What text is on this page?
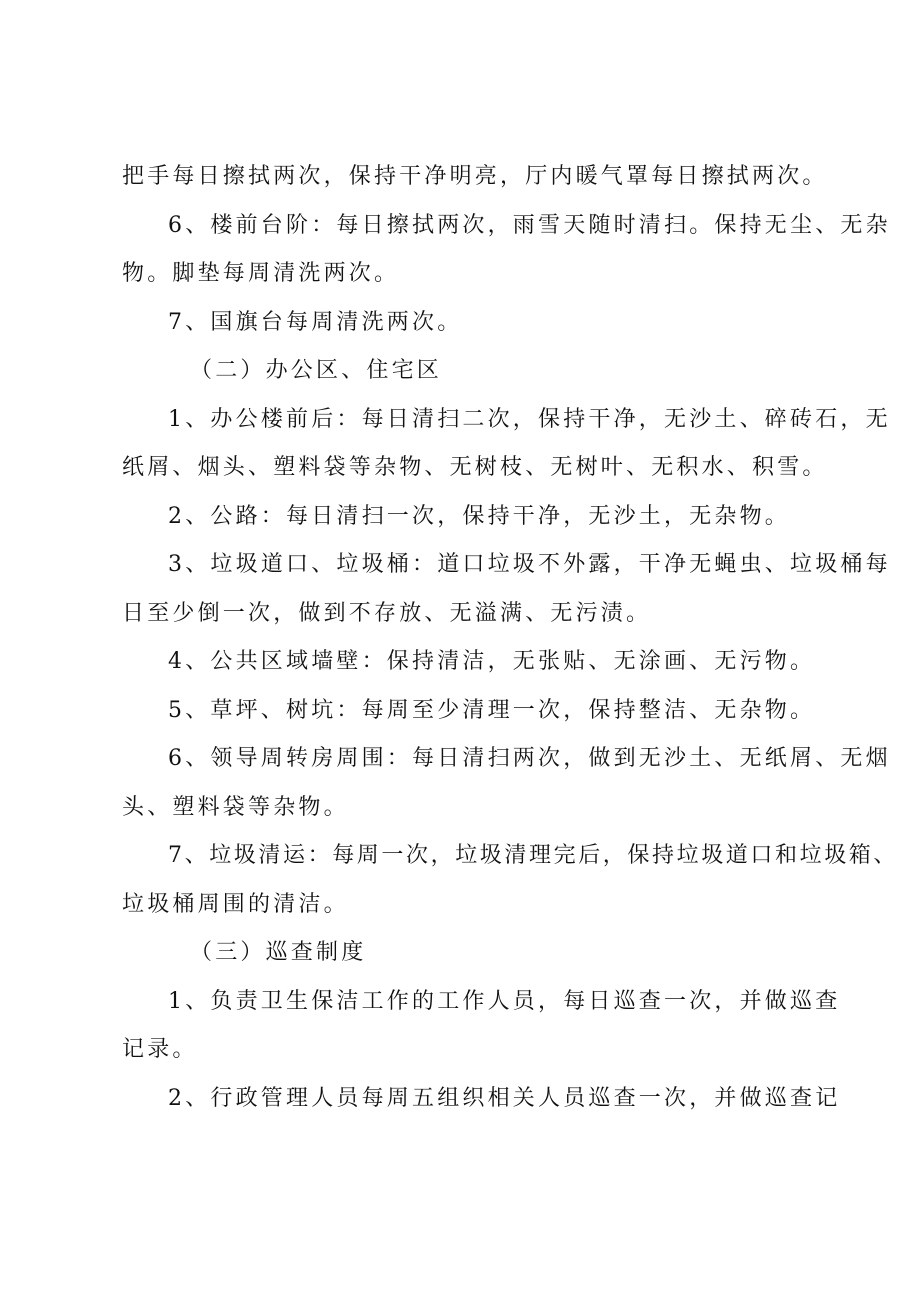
把手每日擦拭两次，保持干净明亮，厅内暖气罩每日擦拭两次。
6、楼前台阶：每日擦拭两次，雨雪天随时清扫。保持无尘、无杂
物。脚垫每周清洗两次。
7、国旗台每周清洗两次。
（二）办公区、住宅区
1、办公楼前后：每日清扫二次，保持干净，无沙土、碎砖石，无
纸屑、烟头、塑料袋等杂物、无树枝、无树叶、无积水、积雪。
2、公路：每日清扫一次，保持干净，无沙土，无杂物。
3、垃圾道口、垃圾桶：道口垃圾不外露，干净无蝇虫、垃圾桶每
日至少倒一次，做到不存放、无溢满、无污渍。
4、公共区域墙壁：保持清洁，无张贴、无涂画、无污物。
5、草坪、树坑：每周至少清理一次，保持整洁、无杂物。
6、领导周转房周围：每日清扫两次，做到无沙土、无纸屑、无烟
头、塑料袋等杂物。
7、垃圾清运：每周一次，垃圾清理完后，保持垃圾道口和垃圾箱、
垃圾桶周围的清洁。
（三）巡查制度
1、负责卫生保洁工作的工作人员，每日巡查一次，并做巡查
记录。
2、行政管理人员每周五组织相关人员巡查一次，并做巡查记
